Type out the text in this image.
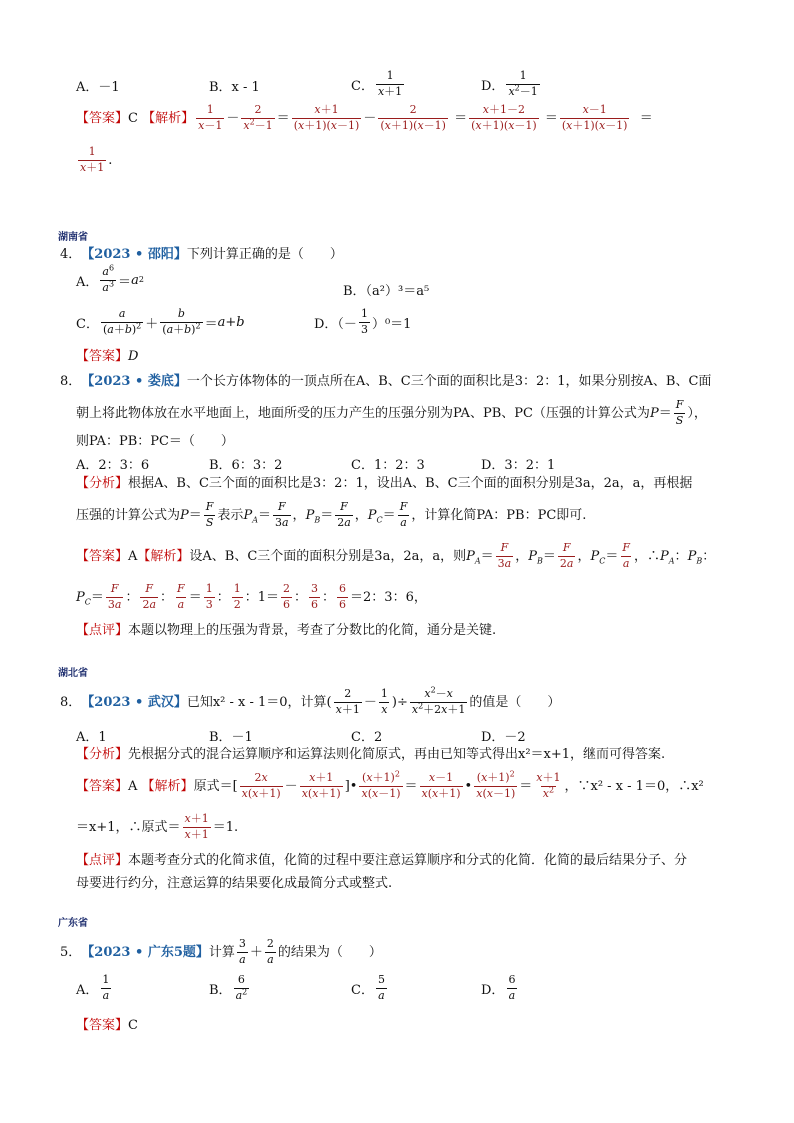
A．－1	B．x - 1	C． $\frac{1}{x+1}$	D． $\frac{1}{x^2-1}$
【答案】 C
【解析】 $\frac{1}{x-1} - \frac{2}{x^2-1} = \frac{x+1}{(x+1)(x-1)} - \frac{2}{(x+1)(x-1)} = \frac{x+1-2}{(x+1)(x-1)} = \frac{x-1}{(x+1)(x-1)}$ ＝
$\frac{1}{x+1}$ .
湖南省
4． 【2023 • 邵阳】 下列计算正确的是（　　）
A． $\frac{a^6}{a^3} = a$ 2
B．（a²）³＝a⁵
C． $\frac{a}{(a+b)^2} + \frac{b}{(a+b)^2} = a + b$	D．（－ $\frac{1}{3} )^0=1$
【答案】 D
8． 【2023 • 娄底】 一个长方体物体的一顶点所在A、B、C三个面的面积比是3：2：1，如果分别按A、B、C面
朝上将此物体放在水平地面上，地面所受的压力产生的压强分别为PA、PB、PC（压强的计算公式为 $P = \frac{F}{S}$ ），
则PA：PB：PC＝（　　）
A．2：3：6	B．6：3：2	C．1：2：3	D．3：2：1
【分析】 根据A、B、C三个面的面积比是3：2：1，设出A、B、C三个面的面积分别是3a，2a，a，再根据
压强的计算公式为 $P = \frac{F}{S}$ 表示 $P_A = \frac{F}{3a}$ ， $P_B = \frac{F}{2a}$ ， $P_C = \frac{F}{a}$ ，计算化简PA：PB：PC即可.
【答案】 A 【解析】 设A、B、C三个面的面积分别是3a，2a，a，则 $P_A = \frac{F}{3a}$ ， $P_B = \frac{F}{2a}$ ， $P_C = \frac{F}{a}$ ，∴ $P_A$ ： $P_B$ ：
$P_C = \frac{F}{3a}$ ： $\frac{F}{2a}$ ： $\frac{F}{a} = \frac{1}{3}$ ： $\frac{1}{2}$ ：$1= \frac{2}{6}$ ： $\frac{3}{6}$ ： $\frac{6}{6} =2$：3：6，
【点评】 本题以物理上的压强为背景，考查了分数比的化简，通分是关键.
湖北省
8． 【2023 • 武汉】 已知x² - x - 1＝0，计算( $\frac{2}{x+1} - \frac{1}{x}$ )÷ $\frac{x^2-x}{x^2+2x+1}$ 的值是（　　）
A．1	B．－1	C．2	D．－2
【分析】 先根据分式的混合运算顺序和运算法则化简原式，再由已知等式得出x²＝x+1，继而可得答案.
【答案】 A
【解析】 原式＝[ $\frac{2x}{x(x+1)} - \frac{x+1}{x(x+1)}$ ]• $\frac{(x+1)^2}{x(x-1)} = \frac{x-1}{x(x+1)}$ • $\frac{(x+1)^2}{x(x-1)} = \frac{x+1}{x^2}$ ，∵x² - x - 1＝0，∴x²
＝x+1，∴原式＝ $\frac{x+1}{x+1} =1$.
【点评】 本题考查分式的化简求值，化简的过程中要注意运算顺序和分式的化简．化简的最后结果分子、分
母要进行约分，注意运算的结果要化成最简分式或整式.
广东省
5． 【2023 • 广东5题】 计算 $\frac{3}{a} + \frac{2}{a}$ 的结果为（　　）
A． $\frac{1}{a}$	B． $\frac{6}{a^2}$	C． $\frac{5}{a}$	D． $\frac{6}{a}$
【答案】 C
